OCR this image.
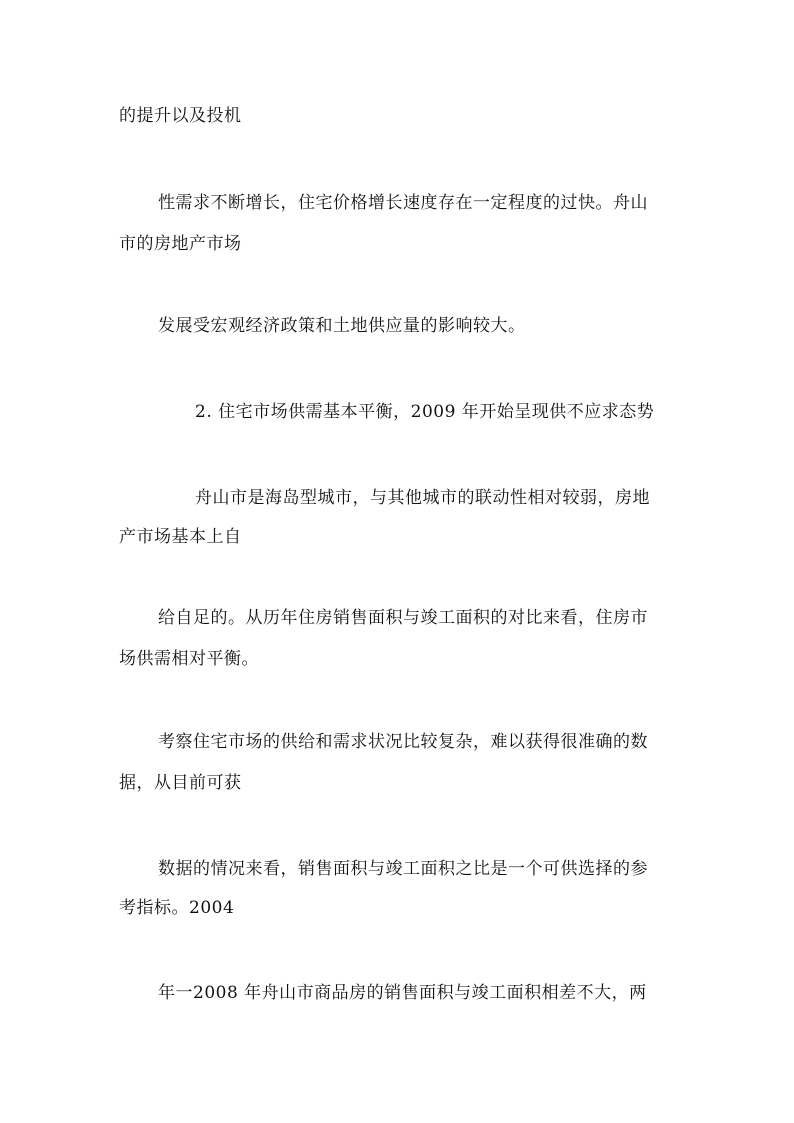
的提升以及投机
性需求不断增长，住宅价格增长速度存在一定程度的过快。舟山
市的房地产市场
发展受宏观经济政策和土地供应量的影响较大。
2. 住宅市场供需基本平衡，2009 年开始呈现供不应求态势
舟山市是海岛型城市，与其他城市的联动性相对较弱，房地
产市场基本上自
给自足的。从历年住房销售面积与竣工面积的对比来看，住房市
场供需相对平衡。
考察住宅市场的供给和需求状况比较复杂，难以获得很准确的数
据，从目前可获
数据的情况来看，销售面积与竣工面积之比是一个可供选择的参
考指标。2004
年一2008 年舟山市商品房的销售面积与竣工面积相差不大，两
